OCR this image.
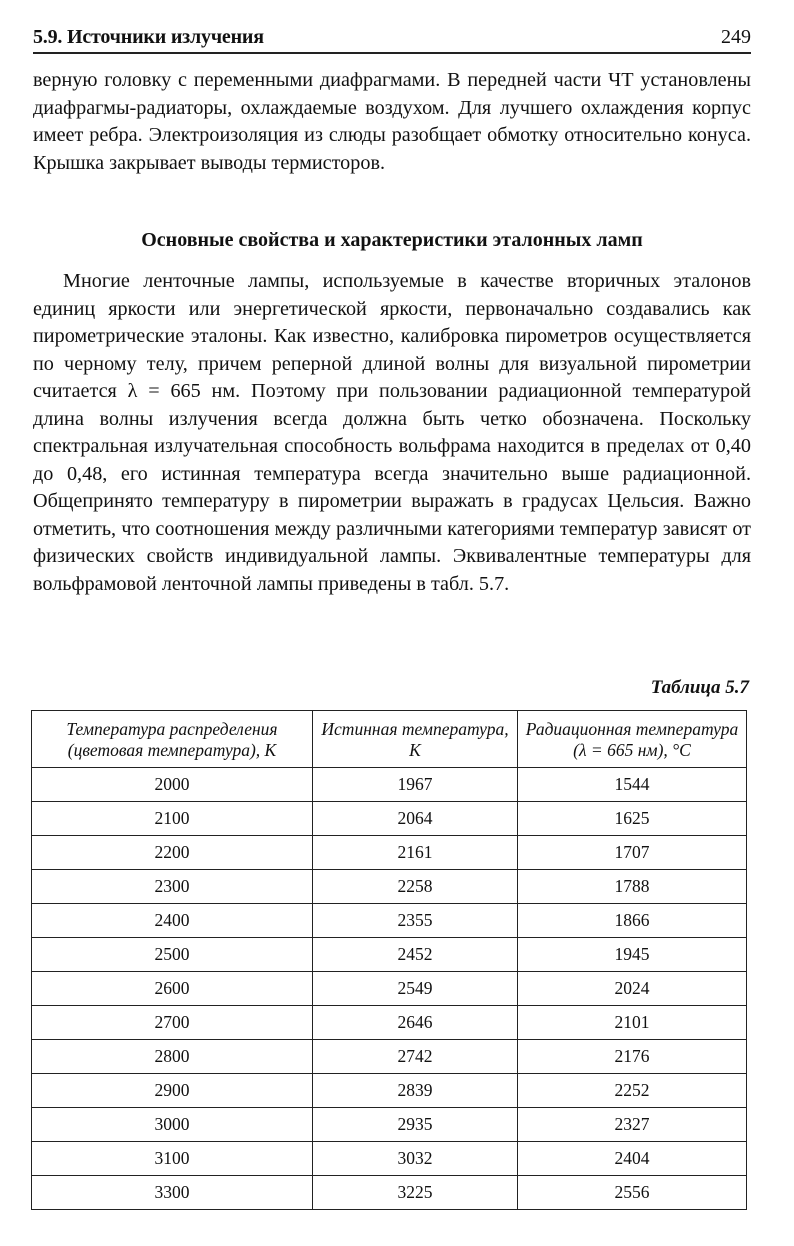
5.9. Источники излучения	249

верную головку с переменными диафрагмами. В передней части ЧТ установлены диафрагмы-радиаторы, охлаждаемые воздухом. Для лучшего охлаждения корпус имеет ребра. Электроизоляция из слюды разобщает обмотку относительно конуса. Крышка закрывает выводы термисторов.

Основные свойства и характеристики эталонных ламп

Многие ленточные лампы, используемые в качестве вторичных эталонов единиц яркости или энергетической яркости, первоначально создавались как пирометрические эталоны. Как известно, калибровка пирометров осуществляется по черному телу, причем реперной длиной волны для визуальной пирометрии считается λ = 665 нм. Поэтому при пользовании радиационной температурой длина волны излучения всегда должна быть четко обозначена. Поскольку спектральная излучательная способность вольфрама находится в пределах от 0,40 до 0,48, его истинная температура всегда значительно выше радиационной. Общепринято температуру в пирометрии выражать в градусах Цельсия. Важно отметить, что соотношения между различными категориями температур зависят от физических свойств индивидуальной лампы. Эквивалентные температуры для вольфрамовой ленточной лампы приведены в табл. 5.7.

Таблица 5.7
Температура распределения (цветовая температура), K	Истинная температура, K	Радиационная температура (λ = 665 нм), °C
2000	1967	1544
2100	2064	1625
2200	2161	1707
2300	2258	1788
2400	2355	1866
2500	2452	1945
2600	2549	2024
2700	2646	2101
2800	2742	2176
2900	2839	2252
3000	2935	2327
3100	3032	2404
3300	3225	2556
